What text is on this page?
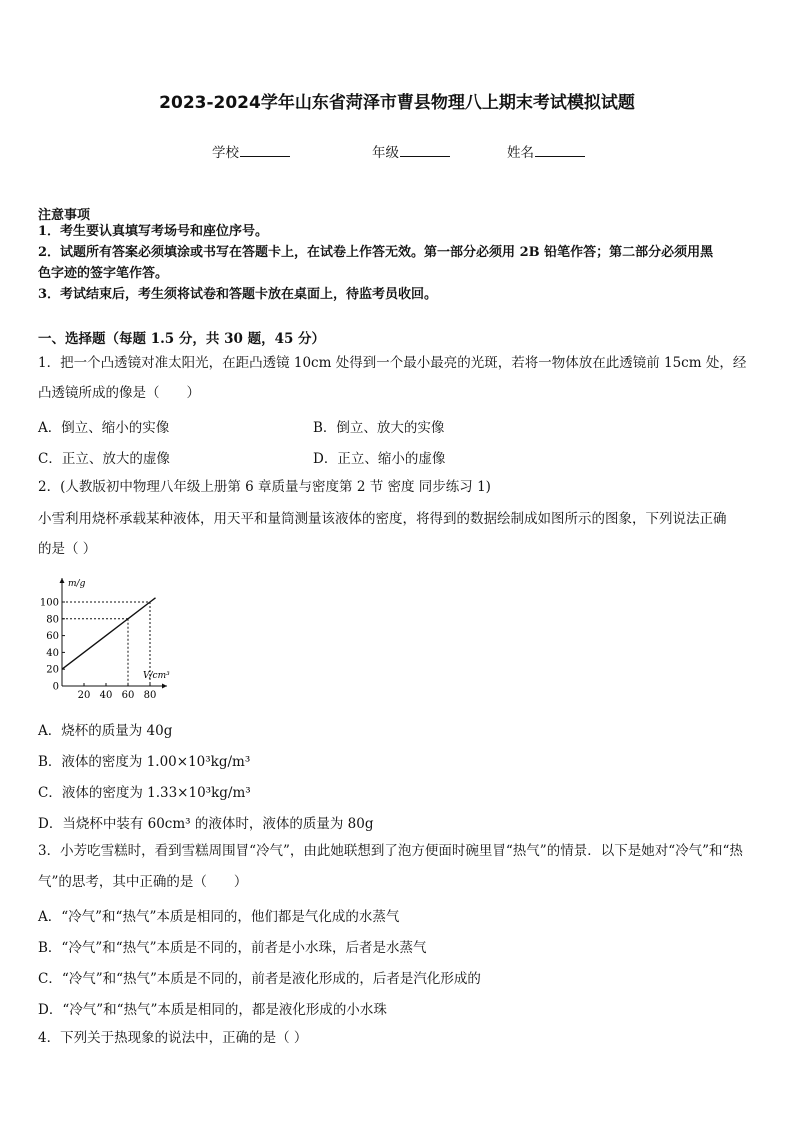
2023-2024学年山东省菏泽市曹县物理八上期末考试模拟试题
学校	年级	姓名
注意事项
1．考生要认真填写考场号和座位序号。
2．试题所有答案必须填涂或书写在答题卡上，在试卷上作答无效。第一部分必须用 2B 铅笔作答；第二部分必须用黑
色字迹的签字笔作答。
3．考试结束后，考生须将试卷和答题卡放在桌面上，待监考员收回。
一、选择题（每题 1.5 分，共 30 题，45 分）
1．把一个凸透镜对准太阳光，在距凸透镜 10cm 处得到一个最小最亮的光斑，若将一物体放在此透镜前 15cm 处，经
凸透镜所成的像是（　　）
A．倒立、缩小的实像	B．倒立、放大的实像
C．正立、放大的虚像	D．正立、缩小的虚像
2．(人教版初中物理八年级上册第 6 章质量与密度第 2 节 密度 同步练习 1)
小雪利用烧杯承载某种液体，用天平和量筒测量该液体的密度，将得到的数据绘制成如图所示的图象，下列说法正确
的是（ ）
m/g
V/cm³
0
20
40
60
80
100
20 40 60 80
A．烧杯的质量为 40g
B．液体的密度为 1.00×10³kg/m³
C．液体的密度为 1.33×10³kg/m³
D．当烧杯中装有 60cm³ 的液体时，液体的质量为 80g
3．小芳吃雪糕时，看到雪糕周围冒“冷气”，由此她联想到了泡方便面时碗里冒“热气”的情景．以下是她对“冷气”和“热
气”的思考，其中正确的是（　　）
A．“冷气”和“热气”本质是相同的，他们都是气化成的水蒸气
B．“冷气”和“热气”本质是不同的，前者是小水珠，后者是水蒸气
C．“冷气”和“热气”本质是不同的，前者是液化形成的，后者是汽化形成的
D．“冷气”和“热气”本质是相同的，都是液化形成的小水珠
4．下列关于热现象的说法中，正确的是（ ）
